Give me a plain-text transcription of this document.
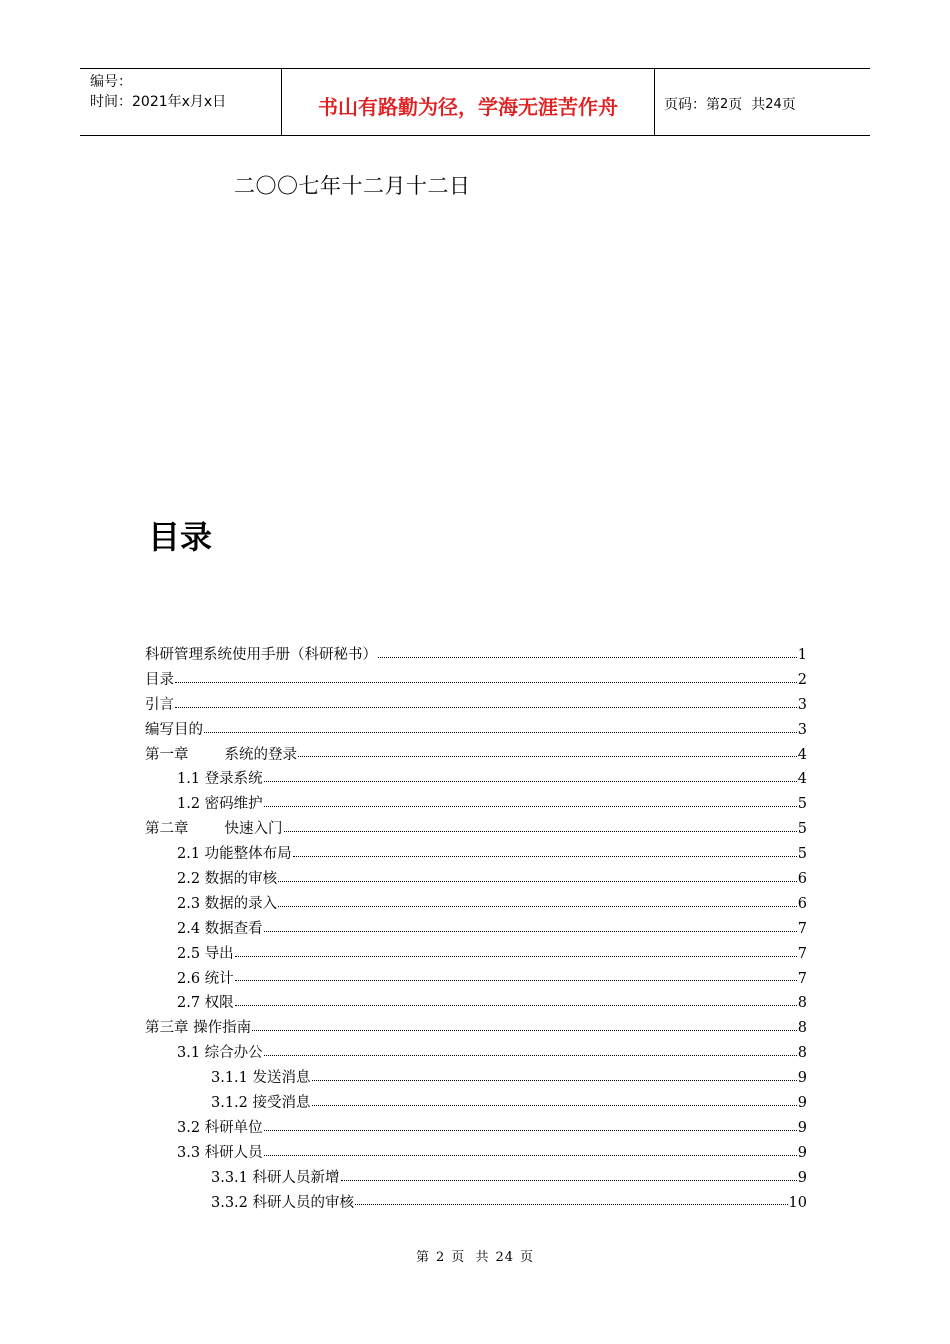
编号：
时间：2021年x月x日	书山有路勤为径，学海无涯苦作舟	页码：第 2 页  共 24 页
二〇〇七年十二月十二日
目录
科研管理系统使用手册（科研秘书）	1
目录	2
引言	3
编写目的	3
第一章 系统的登录	4
1.1 登录系统	4
1.2 密码维护	5
第二章 快速入门	5
2.1 功能整体布局	5
2.2 数据的审核	6
2.3 数据的录入	6
2.4 数据查看	7
2.5 导出	7
2.6 统计	7
2.7 权限	8
第三章 操作指南	8
3.1 综合办公	8
3.1.1 发送消息	9
3.1.2 接受消息	9
3.2 科研单位	9
3.3 科研人员	9
3.3.1 科研人员新增	9
3.3.2 科研人员的审核	10
第 2 页  共 24 页
